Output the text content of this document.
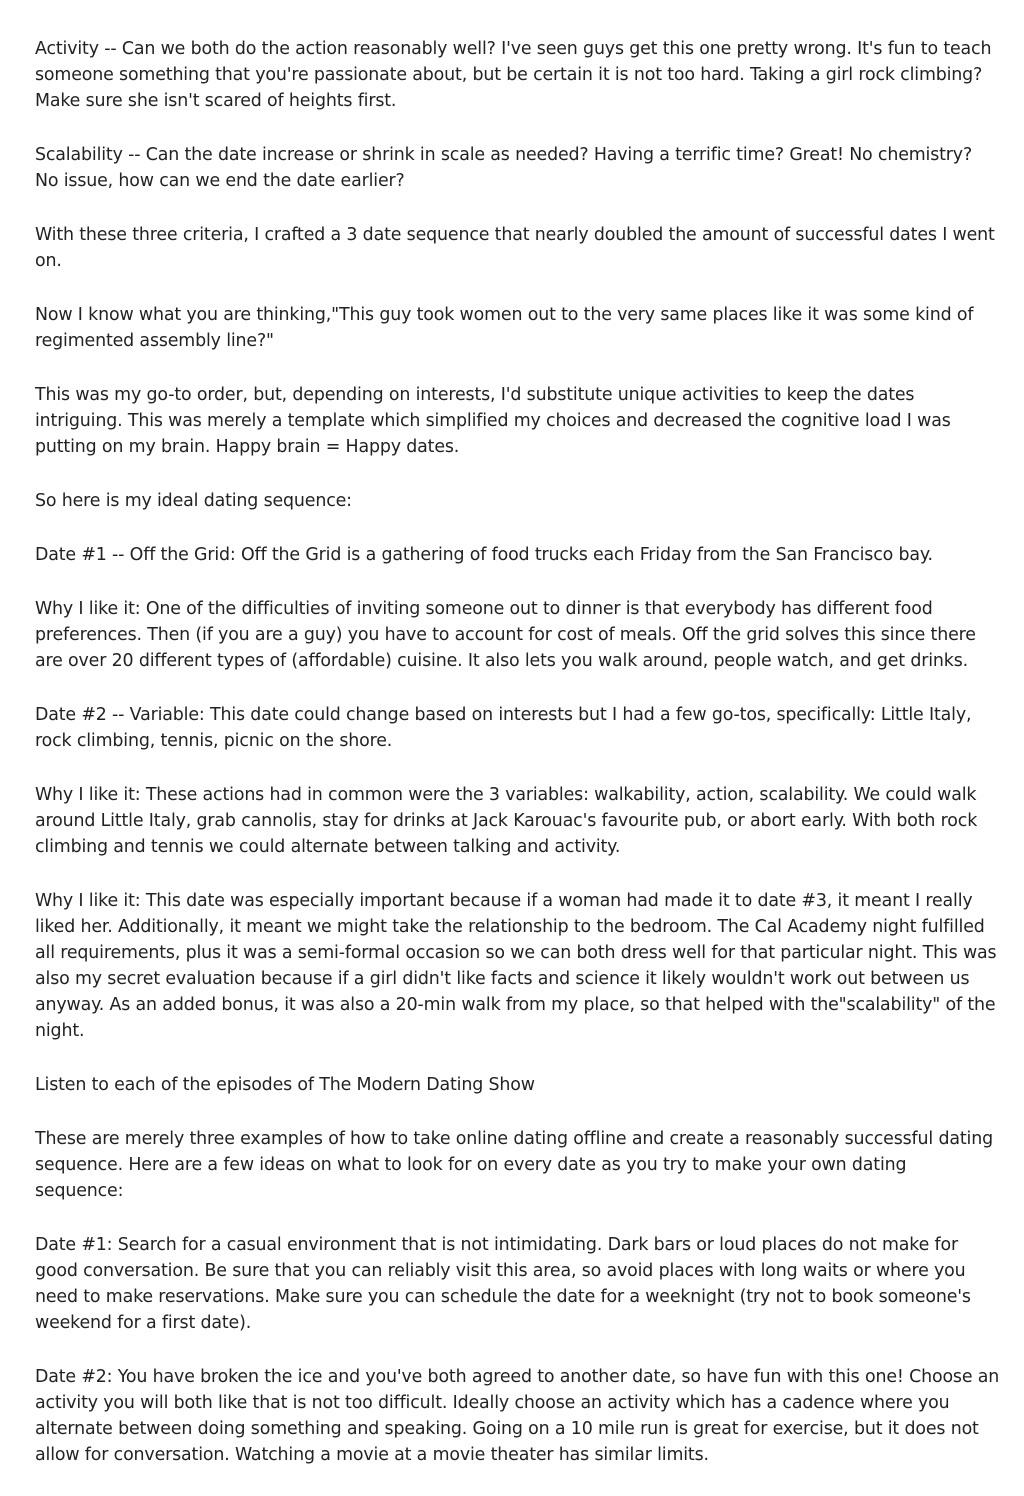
Activity -- Can we both do the action reasonably well? I've seen guys get this one pretty wrong. It's fun to teach someone something that you're passionate about, but be certain it is not too hard. Taking a girl rock climbing? Make sure she isn't scared of heights first.

Scalability -- Can the date increase or shrink in scale as needed? Having a terrific time? Great! No chemistry? No issue, how can we end the date earlier?

With these three criteria, I crafted a 3 date sequence that nearly doubled the amount of successful dates I went on.

Now I know what you are thinking,"This guy took women out to the very same places like it was some kind of regimented assembly line?"

This was my go-to order, but, depending on interests, I'd substitute unique activities to keep the dates intriguing. This was merely a template which simplified my choices and decreased the cognitive load I was putting on my brain. Happy brain = Happy dates.

So here is my ideal dating sequence:

Date #1 -- Off the Grid: Off the Grid is a gathering of food trucks each Friday from the San Francisco bay.

Why I like it: One of the difficulties of inviting someone out to dinner is that everybody has different food preferences. Then (if you are a guy) you have to account for cost of meals. Off the grid solves this since there are over 20 different types of (affordable) cuisine. It also lets you walk around, people watch, and get drinks.

Date #2 -- Variable: This date could change based on interests but I had a few go-tos, specifically: Little Italy, rock climbing, tennis, picnic on the shore.

Why I like it: These actions had in common were the 3 variables: walkability, action, scalability. We could walk around Little Italy, grab cannolis, stay for drinks at Jack Karouac's favourite pub, or abort early. With both rock climbing and tennis we could alternate between talking and activity.

Why I like it: This date was especially important because if a woman had made it to date #3, it meant I really liked her. Additionally, it meant we might take the relationship to the bedroom. The Cal Academy night fulfilled all requirements, plus it was a semi-formal occasion so we can both dress well for that particular night. This was also my secret evaluation because if a girl didn't like facts and science it likely wouldn't work out between us anyway. As an added bonus, it was also a 20-min walk from my place, so that helped with the"scalability" of the night.

Listen to each of the episodes of The Modern Dating Show

These are merely three examples of how to take online dating offline and create a reasonably successful dating sequence. Here are a few ideas on what to look for on every date as you try to make your own dating sequence:

Date #1: Search for a casual environment that is not intimidating. Dark bars or loud places do not make for good conversation. Be sure that you can reliably visit this area, so avoid places with long waits or where you need to make reservations. Make sure you can schedule the date for a weeknight (try not to book someone's weekend for a first date).

Date #2: You have broken the ice and you've both agreed to another date, so have fun with this one! Choose an activity you will both like that is not too difficult. Ideally choose an activity which has a cadence where you alternate between doing something and speaking. Going on a 10 mile run is great for exercise, but it does not allow for conversation. Watching a movie at a movie theater has similar limits.
